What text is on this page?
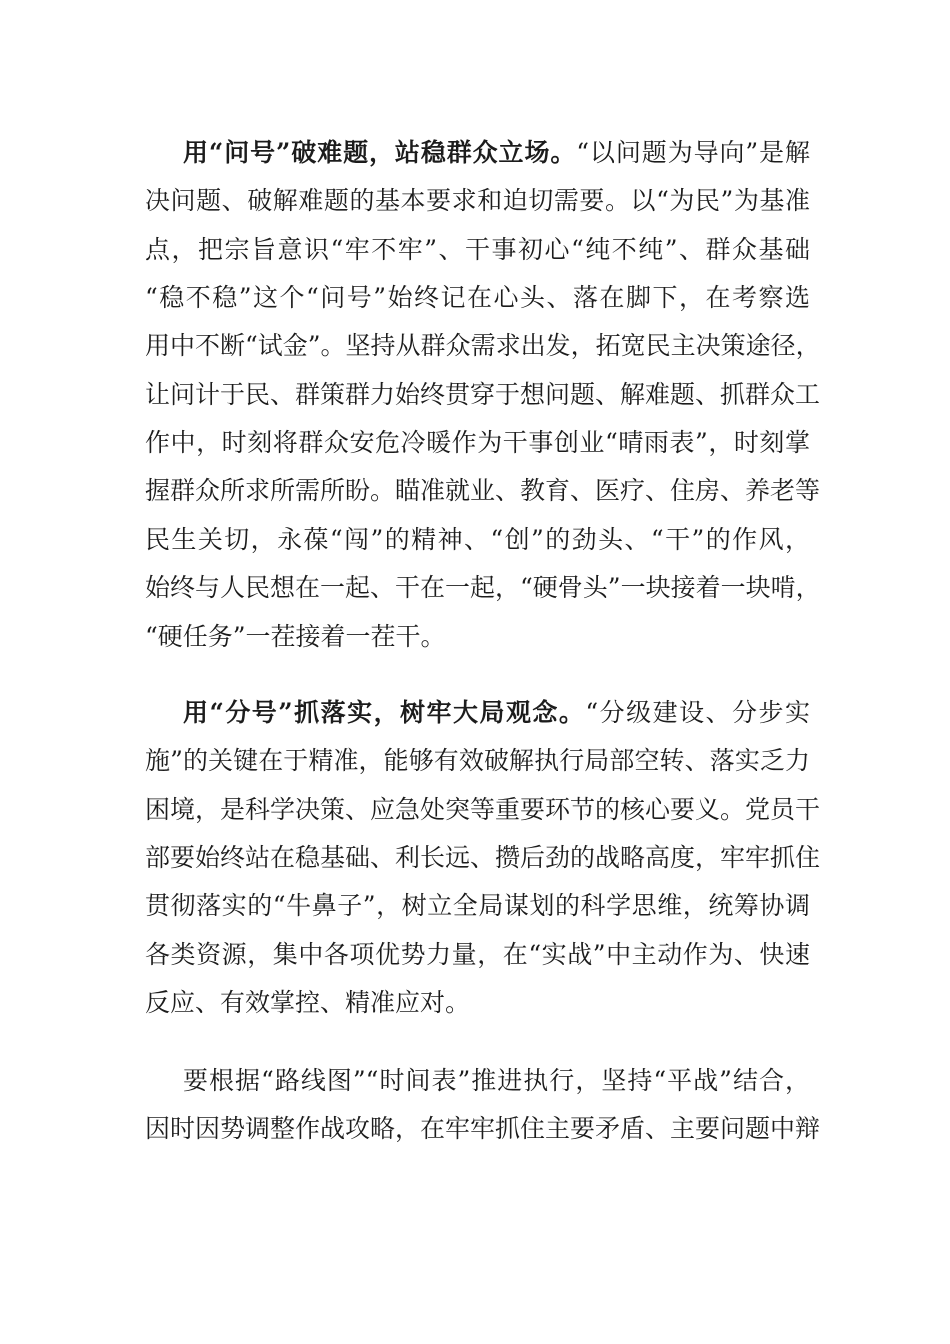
用“问号”破难题，站稳群众立场。“以问题为导向”是解
决问题、破解难题的基本要求和迫切需要。以“为民”为基准
点，把宗旨意识“牢不牢”、干事初心“纯不纯”、群众基础
“稳不稳”这个“问号”始终记在心头、落在脚下，在考察选
用中不断“试金”。坚持从群众需求出发，拓宽民主决策途径，
让问计于民、群策群力始终贯穿于想问题、解难题、抓群众工
作中，时刻将群众安危冷暖作为干事创业“晴雨表”，时刻掌
握群众所求所需所盼。瞄准就业、教育、医疗、住房、养老等
民生关切，永葆“闯”的精神、“创”的劲头、“干”的作风，
始终与人民想在一起、干在一起，“硬骨头”一块接着一块啃，
“硬任务”一茬接着一茬干。
用“分号”抓落实，树牢大局观念。“分级建设、分步实
施”的关键在于精准，能够有效破解执行局部空转、落实乏力
困境，是科学决策、应急处突等重要环节的核心要义。党员干
部要始终站在稳基础、利长远、攒后劲的战略高度，牢牢抓住
贯彻落实的“牛鼻子”，树立全局谋划的科学思维，统筹协调
各类资源，集中各项优势力量，在“实战”中主动作为、快速
反应、有效掌控、精准应对。
要根据“路线图”“时间表”推进执行，坚持“平战”结合，
因时因势调整作战攻略，在牢牢抓住主要矛盾、主要问题中辩
